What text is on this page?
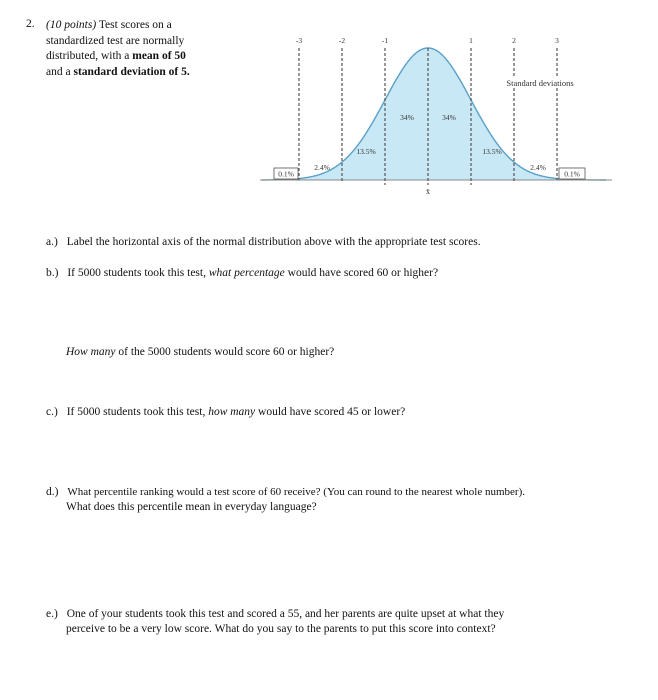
2. (10 points) Test scores on a
standardized test are normally
distributed, with a mean of 50
and a standard deviation of 5.
-3	-2	-1	1	2	3
x̄
Standard deviations
34%	34%
13.5%	13.5%
2.4%	2.4%
0.1%	0.1%
a.) Label the horizontal axis of the normal distribution above with the appropriate test scores.
b.) If 5000 students took this test, what percentage would have scored 60 or higher?
How many of the 5000 students would score 60 or higher?
c.) If 5000 students took this test, how many would have scored 45 or lower?
d.) What percentile ranking would a test score of 60 receive? (You can round to the nearest whole number).
What does this percentile mean in everyday language?
e.) One of your students took this test and scored a 55, and her parents are quite upset at what they
perceive to be a very low score. What do you say to the parents to put this score into context?
